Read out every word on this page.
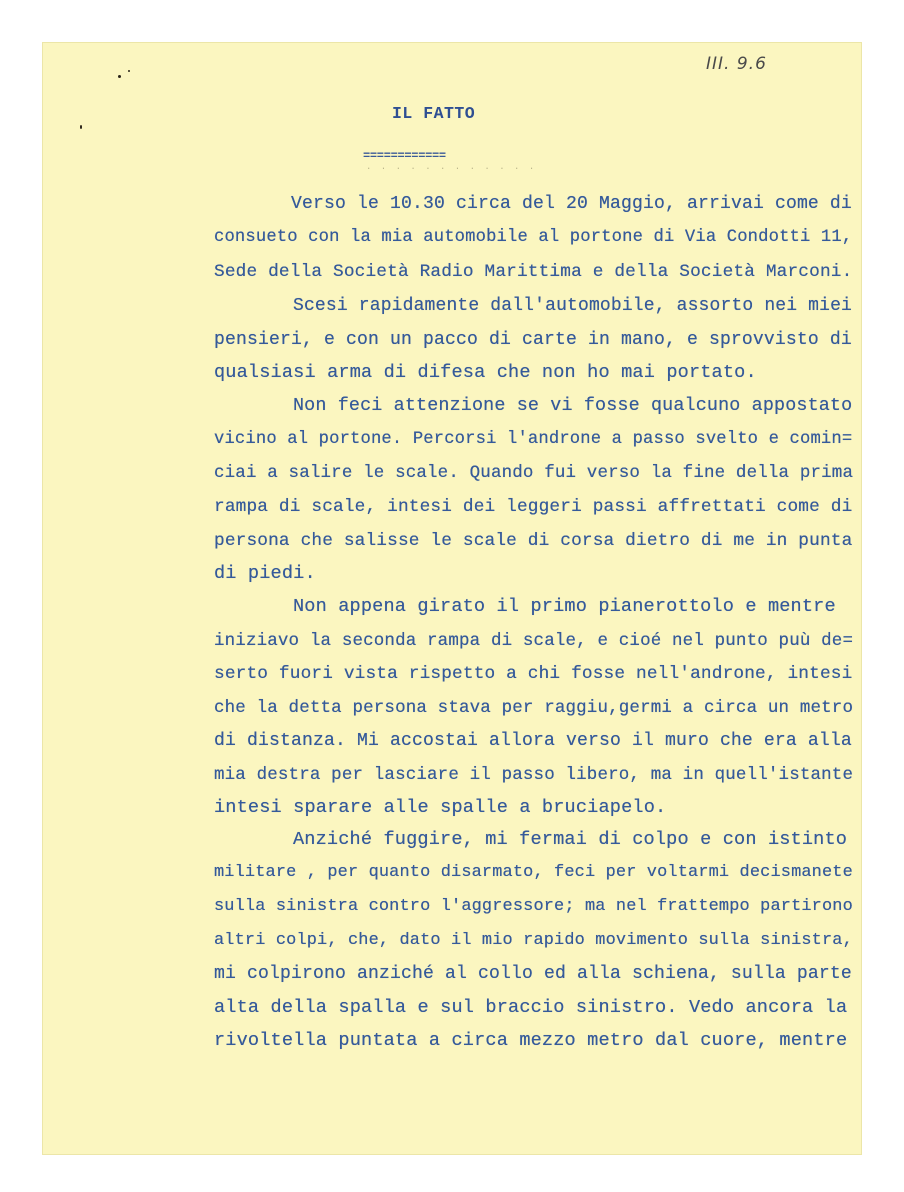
III. 9.6
IL FATTO
============
. . . . . . . . . . . .
Verso le 10.30 circa del 20 Maggio, arrivai come di
consueto con la mia automobile al portone di Via Condotti 11,
Sede della Società Radio Marittima e della Società Marconi.
Scesi rapidamente dall'automobile, assorto nei miei
pensieri, e con un pacco di carte in mano, e sprovvisto di
qualsiasi arma di difesa che non ho mai portato.
Non feci attenzione se vi fosse qualcuno appostato
vicino al portone. Percorsi l'androne a passo svelto e comin=
ciai a salire le scale. Quando fui verso la fine della prima
rampa di scale, intesi dei leggeri passi affrettati come di
persona che salisse le scale di corsa dietro di me in punta
di piedi.
Non appena girato il primo pianerottolo e mentre
iniziavo la seconda rampa di scale, e cioé nel punto puù de=
serto fuori vista rispetto a chi fosse nell'androne, intesi
che la detta persona stava per raggiu,germi a circa un metro
di distanza. Mi accostai allora verso il muro che era alla
mia destra per lasciare il passo libero, ma in quell'istante
intesi sparare alle spalle a bruciapelo.
Anziché fuggire, mi fermai di colpo e con istinto
militare , per quanto disarmato, feci per voltarmi decismanete
sulla sinistra contro l'aggressore; ma nel frattempo partirono
altri colpi, che, dato il mio rapido movimento sulla sinistra,
mi colpirono anziché al collo ed alla schiena, sulla parte
alta della spalla e sul braccio sinistro. Vedo ancora la
rivoltella puntata a circa mezzo metro dal cuore, mentre
